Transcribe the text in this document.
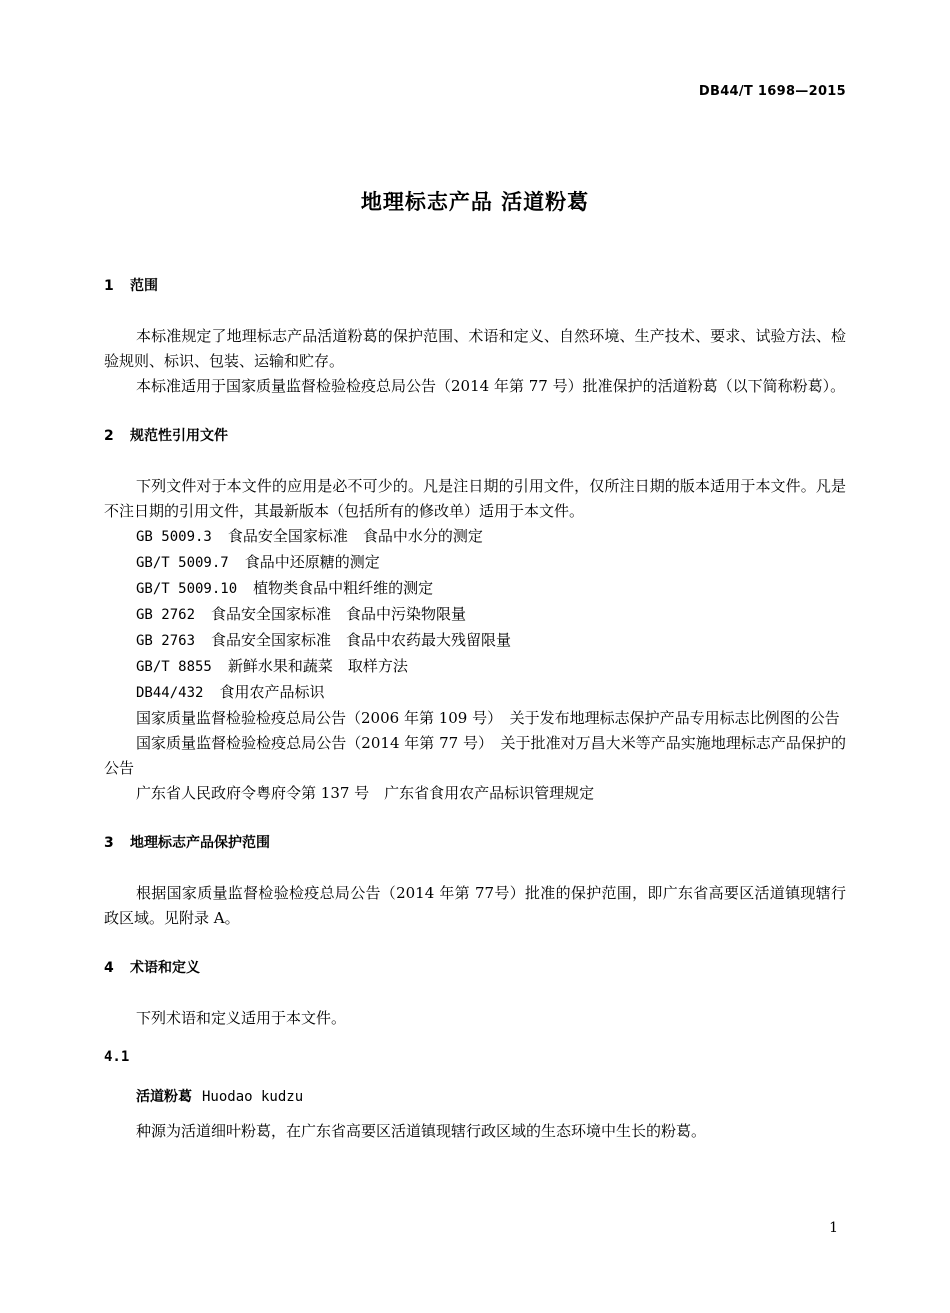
DB44/T 1698—2015
地理标志产品 活道粉葛
1 范围
本标准规定了地理标志产品活道粉葛的保护范围、术语和定义、自然环境、生产技术、要求、试验方法、检验规则、标识、包装、运输和贮存。
本标准适用于国家质量监督检验检疫总局公告（2014 年第 77 号）批准保护的活道粉葛（以下简称粉葛）。
2 规范性引用文件
下列文件对于本文件的应用是必不可少的。凡是注日期的引用文件，仅所注日期的版本适用于本文件。凡是不注日期的引用文件，其最新版本（包括所有的修改单）适用于本文件。
GB 5009.3 食品安全国家标准　食品中水分的测定
GB/T 5009.7 食品中还原糖的测定
GB/T 5009.10 植物类食品中粗纤维的测定
GB 2762 食品安全国家标准　食品中污染物限量
GB 2763 食品安全国家标准　食品中农药最大残留限量
GB/T 8855 新鲜水果和蔬菜　取样方法
DB44/432 食用农产品标识
国家质量监督检验检疫总局公告（2006 年第 109 号）　关于发布地理标志保护产品专用标志比例图的公告
国家质量监督检验检疫总局公告（2014 年第 77 号）　关于批准对万昌大米等产品实施地理标志产品保护的公告
广东省人民政府令粤府令第 137 号　广东省食用农产品标识管理规定
3 地理标志产品保护范围
根据国家质量监督检验检疫总局公告（2014 年第 77号）批准的保护范围，即广东省高要区活道镇现辖行政区域。见附录 A。
4 术语和定义
下列术语和定义适用于本文件。
4.1
活道粉葛 Huodao kudzu
种源为活道细叶粉葛，在广东省高要区活道镇现辖行政区域的生态环境中生长的粉葛。
1
